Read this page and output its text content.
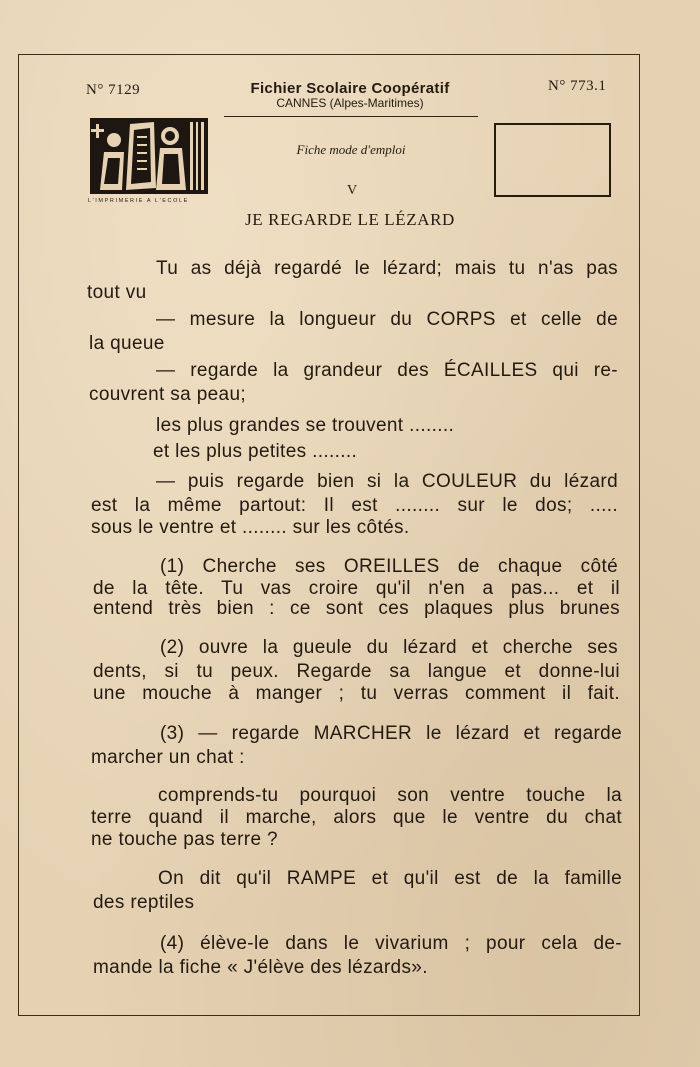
N° 7129	Fichier Scolaire Coopératif
CANNES (Alpes-Maritimes)
N° 773.1
L'IMPRIMERIE A L'ECOLE
Fiche mode d'emploi
V
JE REGARDE LE LÉZARD
Tu as déjà regardé le lézard; mais tu n'as pas
tout vu
— mesure la longueur du CORPS et celle de
la queue
— regarde la grandeur des ÉCAILLES qui re-
couvrent sa peau;
les plus grandes se trouvent ........
et les plus petites ........
— puis regarde bien si la COULEUR du lézard
est la même partout: Il est ........ sur le dos; .....
sous le ventre et ........ sur les côtés.
(1) Cherche ses OREILLES de chaque côté
de la tête. Tu vas croire qu'il n'en a pas... et il
entend très bien : ce sont ces plaques plus brunes
(2) ouvre la gueule du lézard et cherche ses
dents, si tu peux. Regarde sa langue et donne-lui
une mouche à manger ; tu verras comment il fait.
(3) — regarde MARCHER le lézard et regarde
marcher un chat :
comprends-tu pourquoi son ventre touche la
terre quand il marche, alors que le ventre du chat
ne touche pas terre ?
On dit qu'il RAMPE et qu'il est de la famille
des reptiles
(4) élève-le dans le vivarium ; pour cela de-
mande la fiche « J'élève des lézards».
